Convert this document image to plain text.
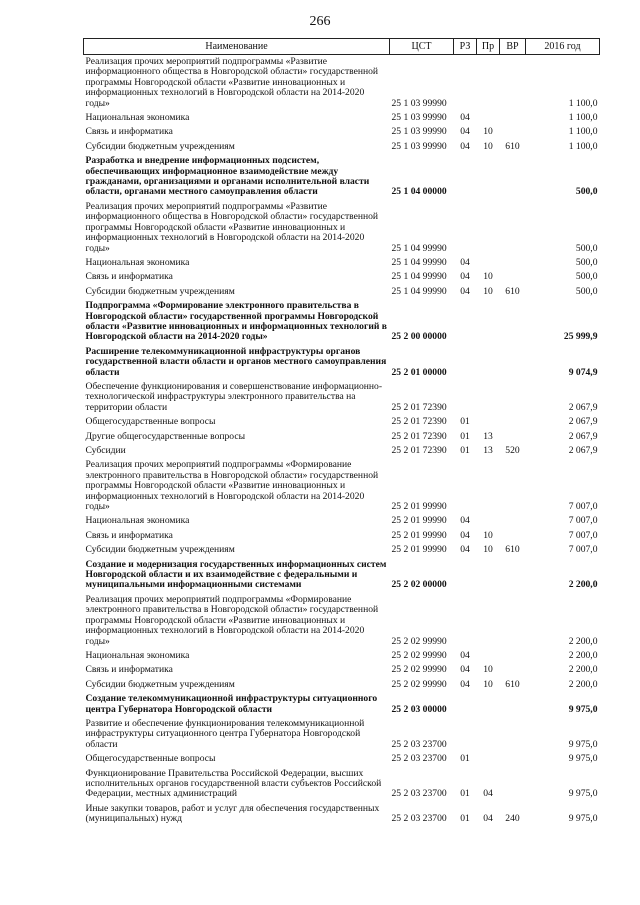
266
Наименование	ЦСТ	РЗ	Пр	ВР	2016 год
Реализация прочих мероприятий подпрограммы «Развитие информационного общества в Новгородской области» государственной программы Новгородской области «Развитие инновационных и информационных технологий в Новгородской области на 2014-2020 годы»	25 1 03 99990				1 100,0
Национальная экономика	25 1 03 99990	04			1 100,0
Связь и информатика	25 1 03 99990	04	10		1 100,0
Субсидии бюджетным учреждениям	25 1 03 99990	04	10	610	1 100,0
Разработка и внедрение информационных подсистем, обеспечивающих информационное взаимодействие между гражданами, организациями и органами исполнительной власти области, органами местного самоуправления области	25 1 04 00000				500,0
Реализация прочих мероприятий подпрограммы «Развитие информационного общества в Новгородской области» государственной программы Новгородской области «Развитие инновационных и информационных технологий в Новгородской области на 2014-2020 годы»	25 1 04 99990				500,0
Национальная экономика	25 1 04 99990	04			500,0
Связь и информатика	25 1 04 99990	04	10		500,0
Субсидии бюджетным учреждениям	25 1 04 99990	04	10	610	500,0
Подпрограмма «Формирование электронного правительства в Новгородской области» государственной программы Новгородской области «Развитие инновационных и информационных технологий в Новгородской области на 2014-2020 годы»	25 2 00 00000				25 999,9
Расширение телекоммуникационной инфраструктуры органов государственной власти области и органов местного самоуправления области	25 2 01 00000				9 074,9
Обеспечение функционирования и совершенствование информационно-технологической инфраструктуры электронного правительства на территории области	25 2 01 72390				2 067,9
Общегосударственные вопросы	25 2 01 72390	01			2 067,9
Другие общегосударственные вопросы	25 2 01 72390	01	13		2 067,9
Субсидии	25 2 01 72390	01	13	520	2 067,9
Реализация прочих мероприятий подпрограммы «Формирование электронного правительства в Новгородской области» государственной программы Новгородской области «Развитие инновационных и информационных технологий в Новгородской области на 2014-2020 годы»	25 2 01 99990				7 007,0
Национальная экономика	25 2 01 99990	04			7 007,0
Связь и информатика	25 2 01 99990	04	10		7 007,0
Субсидии бюджетным учреждениям	25 2 01 99990	04	10	610	7 007,0
Создание и модернизация государственных информационных систем Новгородской области и их взаимодействие с федеральными и муниципальными информационными системами	25 2 02 00000				2 200,0
Реализация прочих мероприятий подпрограммы «Формирование электронного правительства в Новгородской области» государственной программы Новгородской области «Развитие инновационных и информационных технологий в Новгородской области на 2014-2020 годы»	25 2 02 99990				2 200,0
Национальная экономика	25 2 02 99990	04			2 200,0
Связь и информатика	25 2 02 99990	04	10		2 200,0
Субсидии бюджетным учреждениям	25 2 02 99990	04	10	610	2 200,0
Создание телекоммуникационной инфраструктуры ситуационного центра Губернатора Новгородской области	25 2 03 00000				9 975,0
Развитие и обеспечение функционирования телекоммуникационной инфраструктуры ситуационного центра Губернатора Новгородской области	25 2 03 23700				9 975,0
Общегосударственные вопросы	25 2 03 23700	01			9 975,0
Функционирование Правительства Российской Федерации, высших исполнительных органов государственной власти субъектов Российской Федерации, местных администраций	25 2 03 23700	01	04		9 975,0
Иные закупки товаров, работ и услуг для обеспечения государственных (муниципальных) нужд	25 2 03 23700	01	04	240	9 975,0
